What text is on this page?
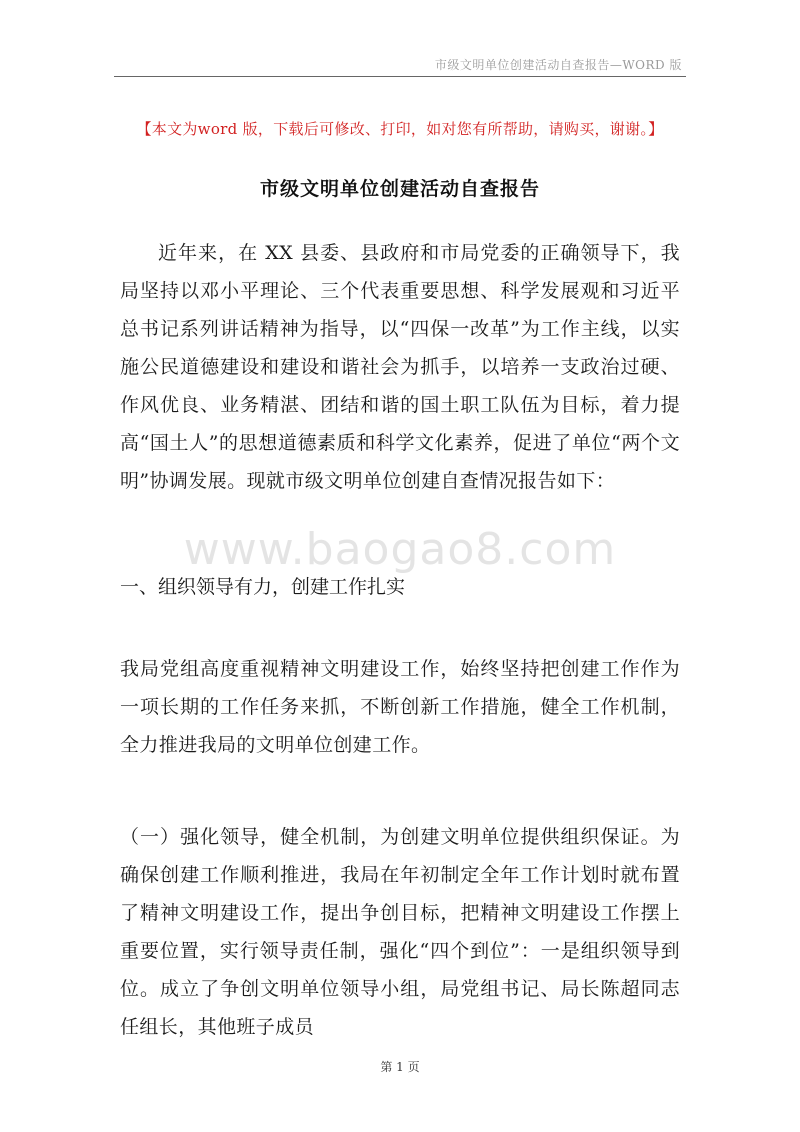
市级文明单位创建活动自查报告—WORD 版
【本文为word 版，下载后可修改、打印，如对您有所帮助，请购买，谢谢。】
市级文明单位创建活动自查报告

近年来，在 XX 县委、县政府和市局党委的正确领导下，我局坚持以邓小平理论、三个代表重要思想、科学发展观和习近平总书记系列讲话精神为指导，以“四保一改革”为工作主线，以实施公民道德建设和建设和谐社会为抓手，以培养一支政治过硬、作风优良、业务精湛、团结和谐的国土职工队伍为目标，着力提高“国土人”的思想道德素质和科学文化素养，促进了单位“两个文明”协调发展。现就市级文明单位创建自查情况报告如下：

www.baogao8.com
一、组织领导有力，创建工作扎实

我局党组高度重视精神文明建设工作，始终坚持把创建工作作为一项长期的工作任务来抓，不断创新工作措施，健全工作机制，全力推进我局的文明单位创建工作。

（一）强化领导，健全机制，为创建文明单位提供组织保证。为确保创建工作顺利推进，我局在年初制定全年工作计划时就布置了精神文明建设工作，提出争创目标，把精神文明建设工作摆上重要位置，实行领导责任制，强化“四个到位”：一是组织领导到位。成立了争创文明单位领导小组，局党组书记、局长陈超同志任组长，其他班子成员

第 1 页
